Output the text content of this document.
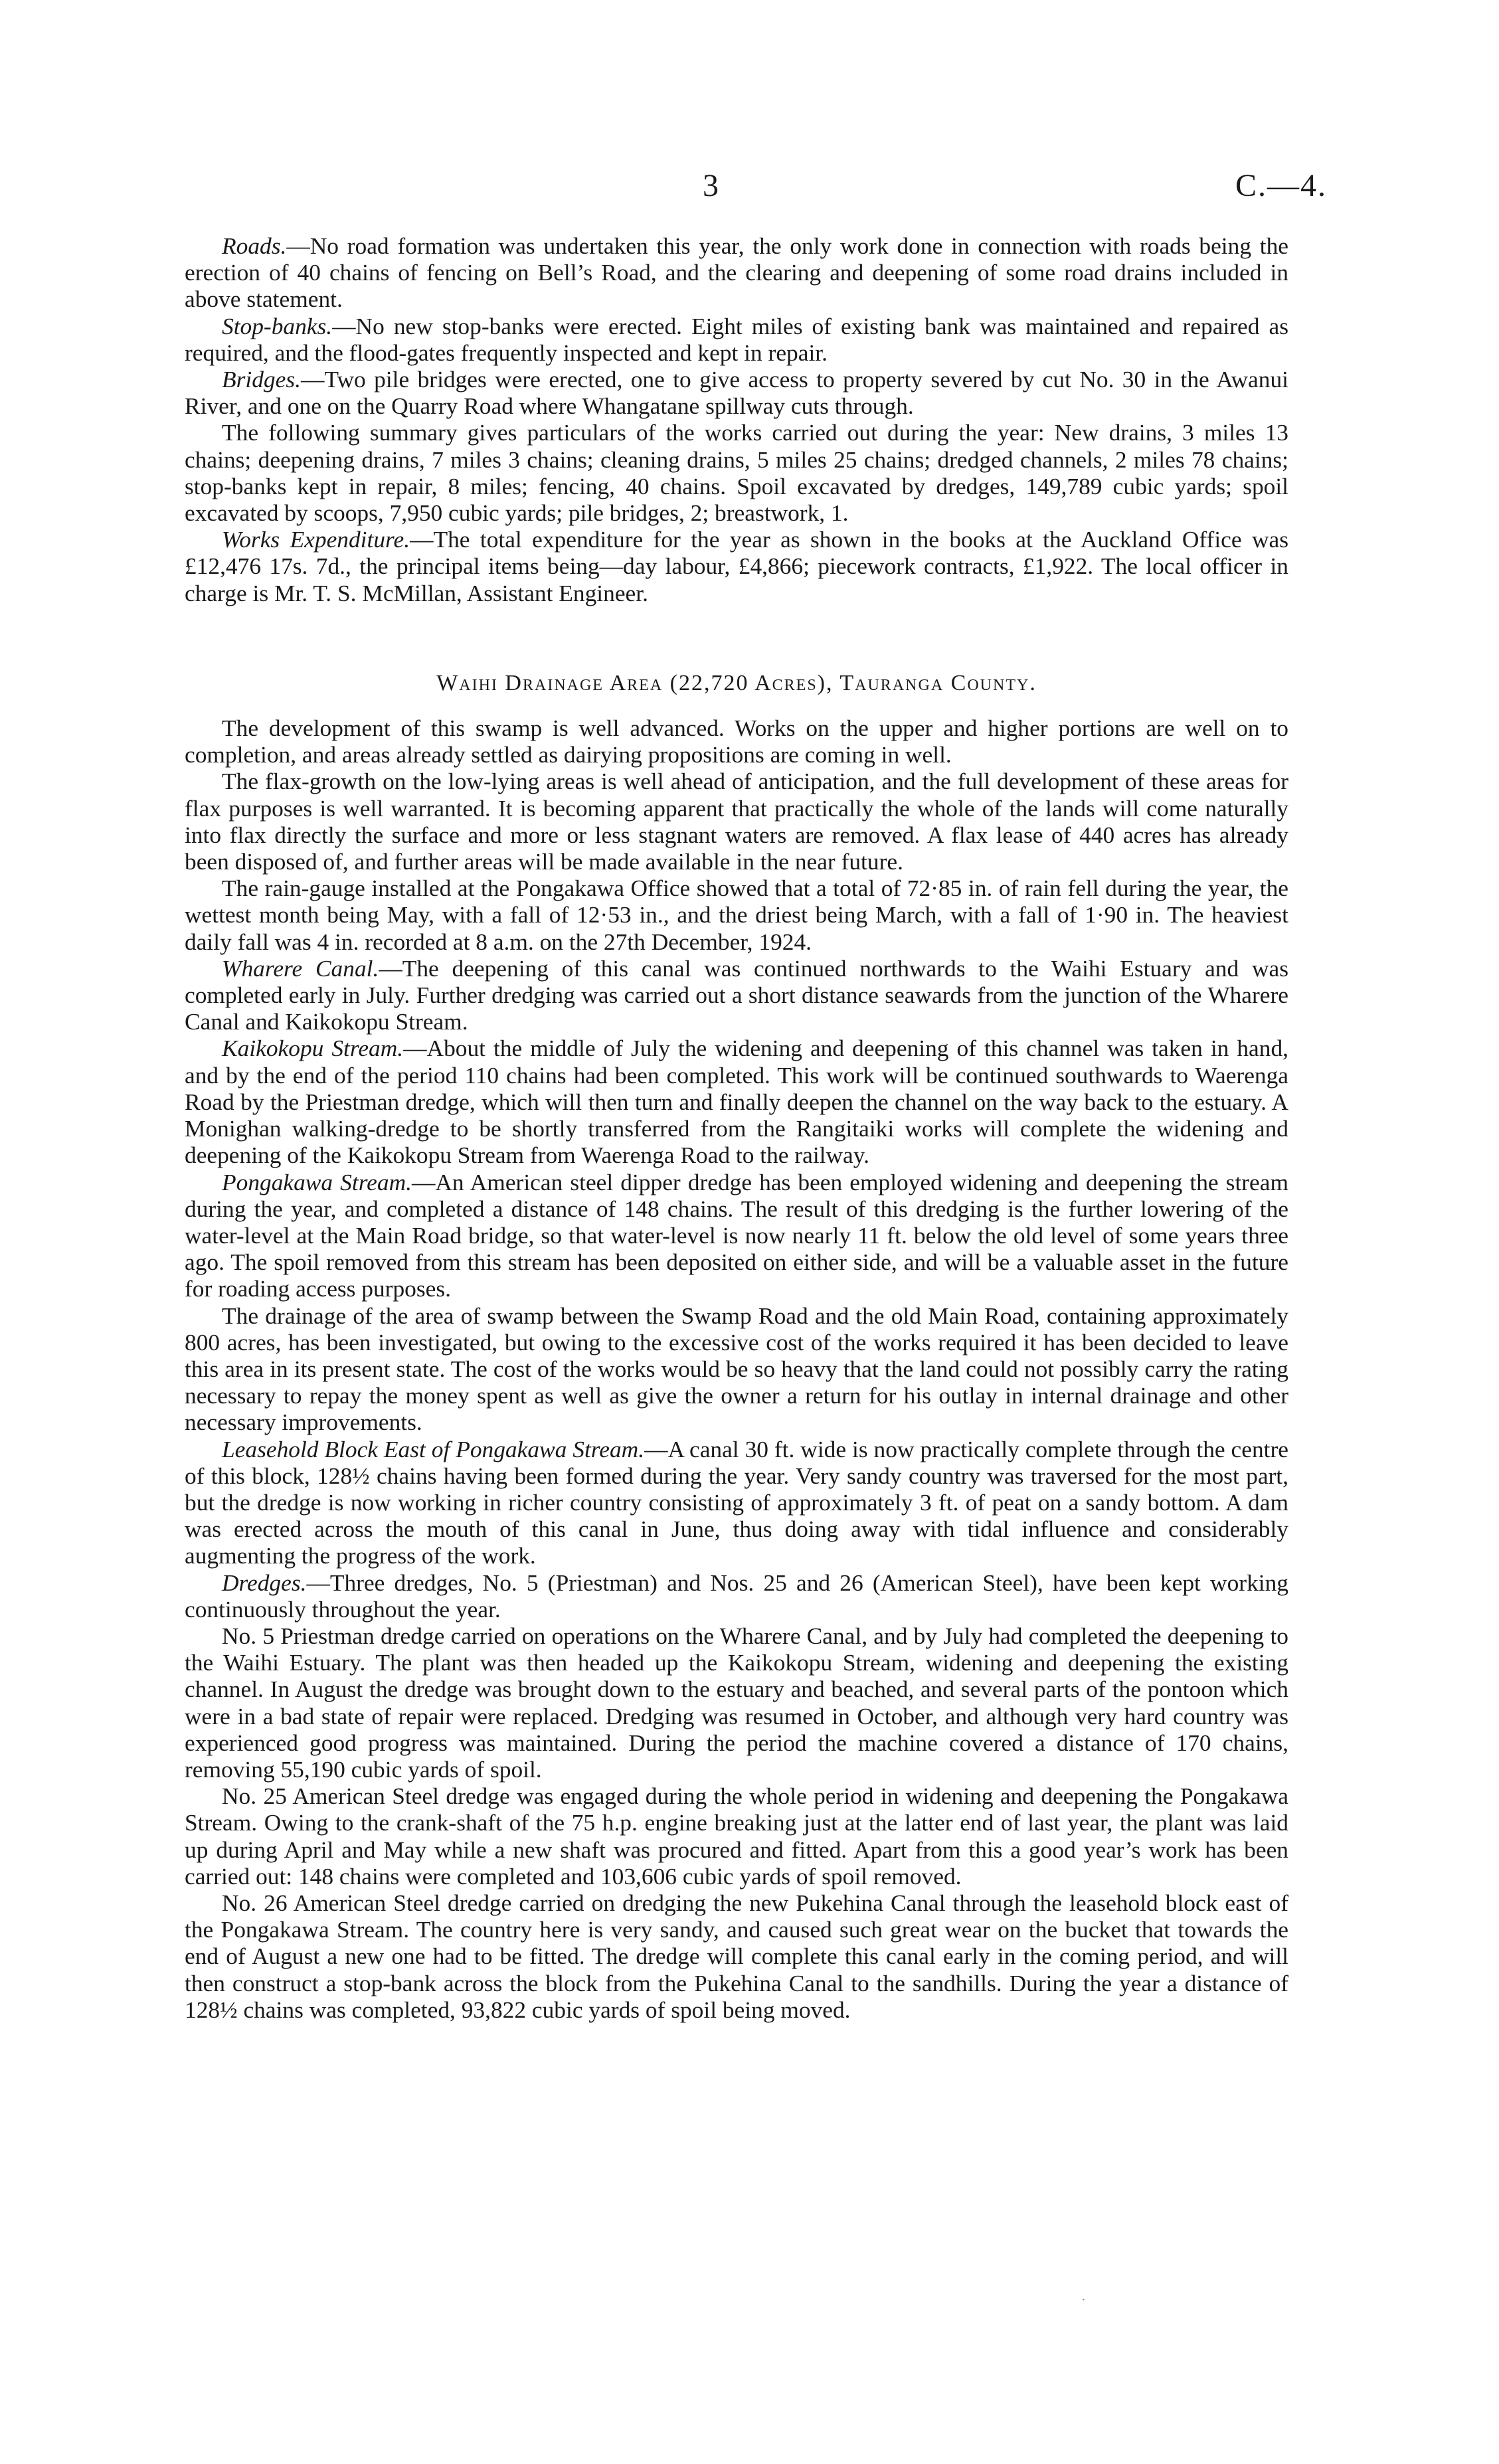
3	C.—4.

Roads.—No road formation was undertaken this year, the only work done in connection with roads being the erection of 40 chains of fencing on Bell’s Road, and the clearing and deepening of some road drains included in above statement.

Stop-banks.—No new stop-banks were erected. Eight miles of existing bank was maintained and repaired as required, and the flood-gates frequently inspected and kept in repair.

Bridges.—Two pile bridges were erected, one to give access to property severed by cut No. 30 in the Awanui River, and one on the Quarry Road where Whangatane spillway cuts through.

The following summary gives particulars of the works carried out during the year: New drains, 3 miles 13 chains; deepening drains, 7 miles 3 chains; cleaning drains, 5 miles 25 chains; dredged channels, 2 miles 78 chains; stop-banks kept in repair, 8 miles; fencing, 40 chains. Spoil excavated by dredges, 149,789 cubic yards; spoil excavated by scoops, 7,950 cubic yards; pile bridges, 2; breastwork, 1.

Works Expenditure.—The total expenditure for the year as shown in the books at the Auckland Office was £12,476 17s. 7d., the principal items being—day labour, £4,866; piecework contracts, £1,922. The local officer in charge is Mr. T. S. McMillan, Assistant Engineer.

Waihi Drainage Area (22,720 Acres), Tauranga County.

The development of this swamp is well advanced. Works on the upper and higher portions are well on to completion, and areas already settled as dairying propositions are coming in well.

The flax-growth on the low-lying areas is well ahead of anticipation, and the full development of these areas for flax purposes is well warranted. It is becoming apparent that practically the whole of the lands will come naturally into flax directly the surface and more or less stagnant waters are removed. A flax lease of 440 acres has already been disposed of, and further areas will be made available in the near future.

The rain-gauge installed at the Pongakawa Office showed that a total of 72·85 in. of rain fell during the year, the wettest month being May, with a fall of 12·53 in., and the driest being March, with a fall of 1·90 in. The heaviest daily fall was 4 in. recorded at 8 a.m. on the 27th December, 1924.

Wharere Canal.—The deepening of this canal was continued northwards to the Waihi Estuary and was completed early in July. Further dredging was carried out a short distance seawards from the junction of the Wharere Canal and Kaikokopu Stream.

Kaikokopu Stream.—About the middle of July the widening and deepening of this channel was taken in hand, and by the end of the period 110 chains had been completed. This work will be continued southwards to Waerenga Road by the Priestman dredge, which will then turn and finally deepen the channel on the way back to the estuary. A Monighan walking-dredge to be shortly transferred from the Rangitaiki works will complete the widening and deepening of the Kaikokopu Stream from Waerenga Road to the railway.

Pongakawa Stream.—An American steel dipper dredge has been employed widening and deepening the stream during the year, and completed a distance of 148 chains. The result of this dredging is the further lowering of the water-level at the Main Road bridge, so that water-level is now nearly 11 ft. below the old level of some years three ago. The spoil removed from this stream has been deposited on either side, and will be a valuable asset in the future for roading access purposes.

The drainage of the area of swamp between the Swamp Road and the old Main Road, containing approximately 800 acres, has been investigated, but owing to the excessive cost of the works required it has been decided to leave this area in its present state. The cost of the works would be so heavy that the land could not possibly carry the rating necessary to repay the money spent as well as give the owner a return for his outlay in internal drainage and other necessary improvements.

Leasehold Block East of Pongakawa Stream.—A canal 30 ft. wide is now practically complete through the centre of this block, 128½ chains having been formed during the year. Very sandy country was traversed for the most part, but the dredge is now working in richer country consisting of approximately 3 ft. of peat on a sandy bottom. A dam was erected across the mouth of this canal in June, thus doing away with tidal influence and considerably augmenting the progress of the work.

Dredges.—Three dredges, No. 5 (Priestman) and Nos. 25 and 26 (American Steel), have been kept working continuously throughout the year.

No. 5 Priestman dredge carried on operations on the Wharere Canal, and by July had completed the deepening to the Waihi Estuary. The plant was then headed up the Kaikokopu Stream, widening and deepening the existing channel. In August the dredge was brought down to the estuary and beached, and several parts of the pontoon which were in a bad state of repair were replaced. Dredging was resumed in October, and although very hard country was experienced good progress was maintained. During the period the machine covered a distance of 170 chains, removing 55,190 cubic yards of spoil.

No. 25 American Steel dredge was engaged during the whole period in widening and deepening the Pongakawa Stream. Owing to the crank-shaft of the 75 h.p. engine breaking just at the latter end of last year, the plant was laid up during April and May while a new shaft was procured and fitted. Apart from this a good year’s work has been carried out: 148 chains were completed and 103,606 cubic yards of spoil removed.

No. 26 American Steel dredge carried on dredging the new Pukehina Canal through the leasehold block east of the Pongakawa Stream. The country here is very sandy, and caused such great wear on the bucket that towards the end of August a new one had to be fitted. The dredge will complete this canal early in the coming period, and will then construct a stop-bank across the block from the Pukehina Canal to the sandhills. During the year a distance of 128½ chains was completed, 93,822 cubic yards of spoil being moved.

·
